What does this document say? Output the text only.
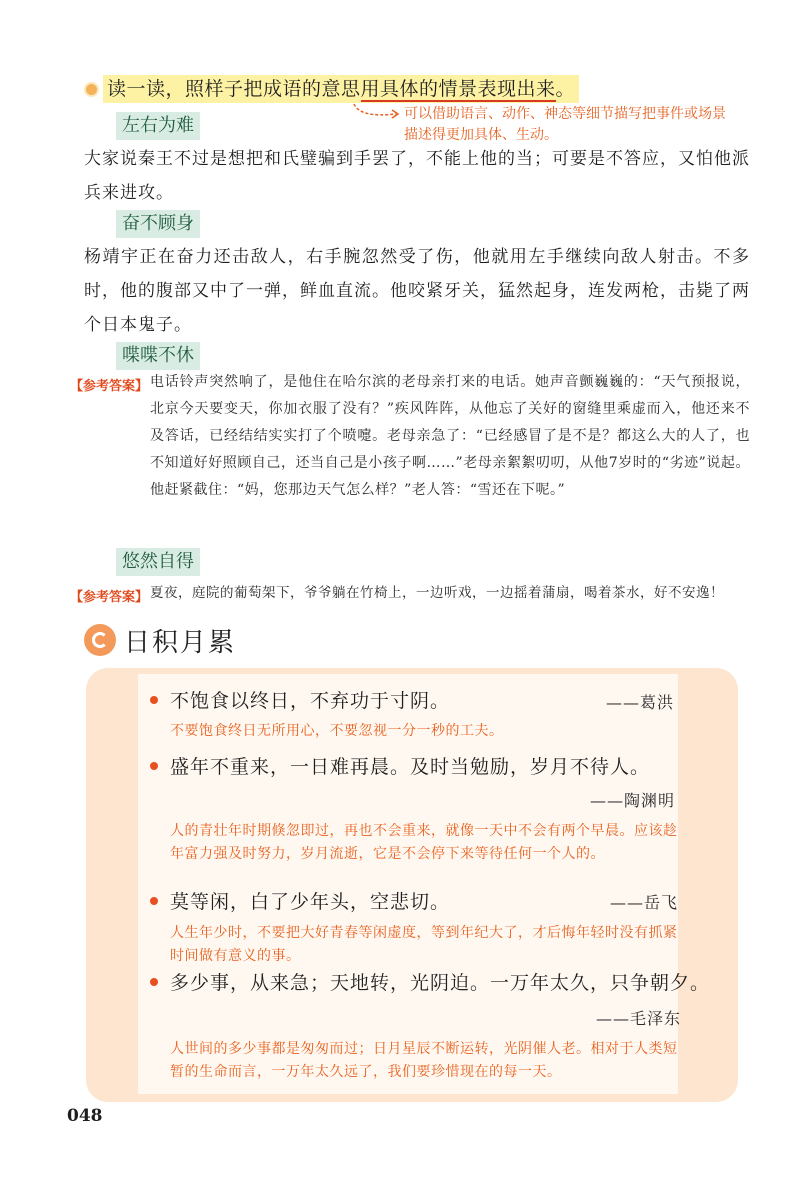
读一读，照样子把成语的意思用具体的情景表现出来。
可以借助语言、动作、神态等细节描写把事件或场景描述得更加具体、生动。
左右为难
大家说秦王不过是想把和氏璧骗到手罢了，不能上他的当；可要是不答应，又怕他派兵来进攻。
奋不顾身
杨靖宇正在奋力还击敌人，右手腕忽然受了伤，他就用左手继续向敌人射击。不多时，他的腹部又中了一弹，鲜血直流。他咬紧牙关，猛然起身，连发两枪，击毙了两个日本鬼子。
喋喋不休
【参考答案】 电话铃声突然响了，是他住在哈尔滨的老母亲打来的电话。她声音颤巍巍的：“天气预报说，北京今天要变天，你加衣服了没有？”疾风阵阵，从他忘了关好的窗缝里乘虚而入，他还来不及答话，已经结结实实打了个喷嚏。老母亲急了：“已经感冒了是不是？都这么大的人了，也不知道好好照顾自己，还当自己是小孩子啊……”老母亲絮絮叨叨，从他7岁时的“劣迹”说起。他赶紧截住：“妈，您那边天气怎么样？”老人答：“雪还在下呢。”
悠然自得
【参考答案】 夏夜，庭院的葡萄架下，爷爷躺在竹椅上，一边听戏，一边摇着蒲扇，喝着茶水，好不安逸！
日积月累
不饱食以终日，不弃功于寸阴。	——葛洪
不要饱食终日无所用心，不要忽视一分一秒的工夫。
盛年不重来，一日难再晨。及时当勉励，岁月不待人。
——陶渊明
人的青壮年时期倏忽即过，再也不会重来，就像一天中不会有两个早晨。应该趁年富力强及时努力，岁月流逝，它是不会停下来等待任何一个人的。
莫等闲，白了少年头，空悲切。	——岳飞
人生年少时，不要把大好青春等闲虚度，等到年纪大了，才后悔年轻时没有抓紧时间做有意义的事。
多少事，从来急；天地转，光阴迫。一万年太久，只争朝夕。
——毛泽东
人世间的多少事都是匆匆而过；日月星辰不断运转，光阴催人老。相对于人类短暂的生命而言，一万年太久远了，我们要珍惜现在的每一天。
048
